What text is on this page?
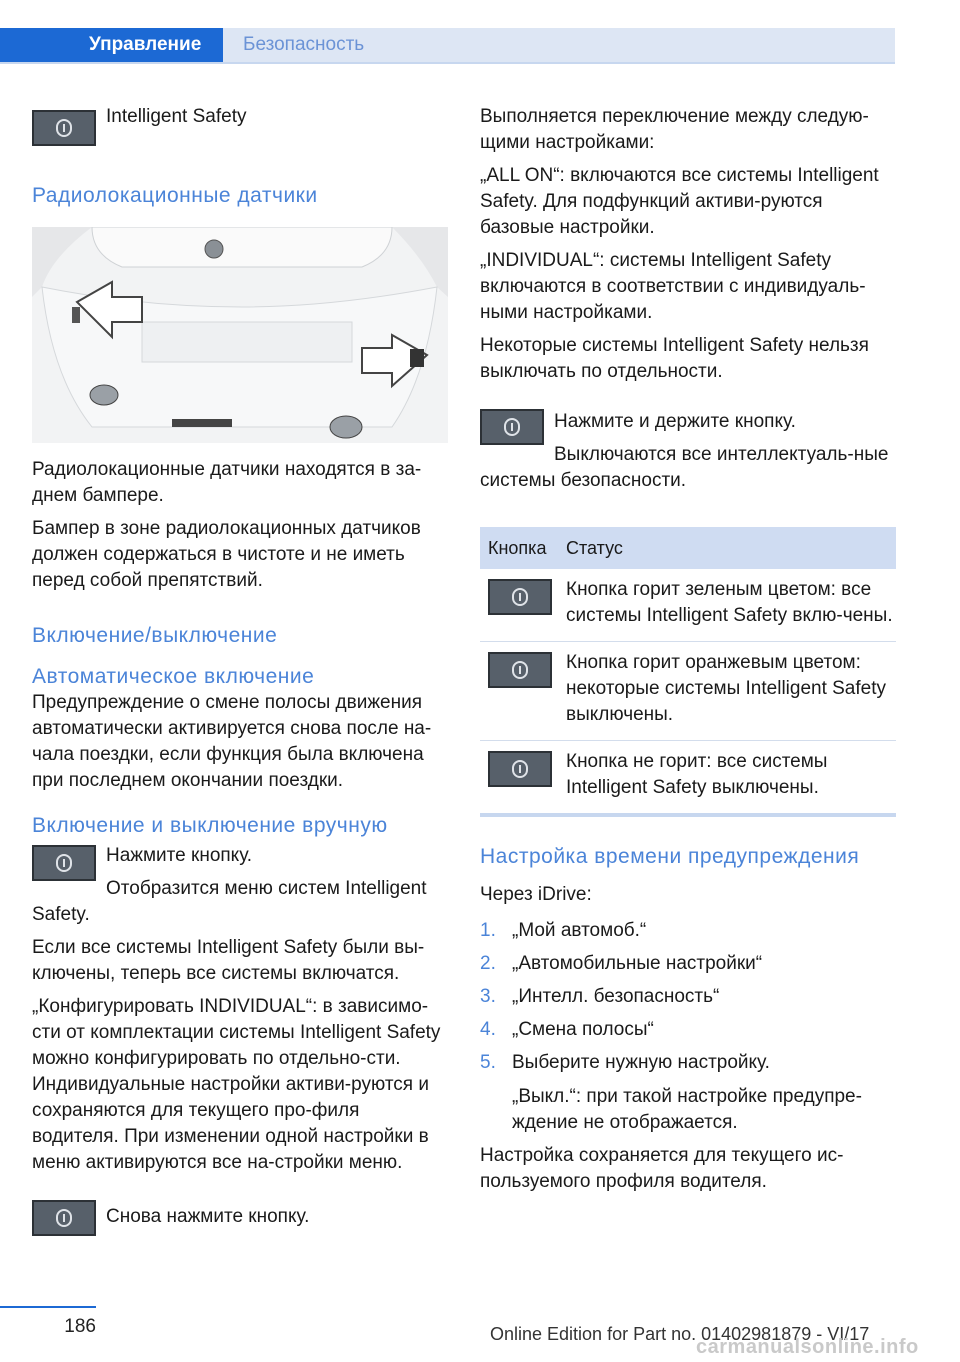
Управление	Безопасность

Intelligent Safety

Радиолокационные датчики

Радиолокационные датчики находятся в за-днем бампере.

Бампер в зоне радиолокационных датчиков должен содержаться в чистоте и не иметь перед собой препятствий.

Включение/выключение
Автоматическое включение

Предупреждение о смене полосы движения автоматически активируется снова после на-чала поездки, если функция была включена при последнем окончании поездки.

Включение и выключение вручную

Нажмите кнопку.

Отобразится меню систем Intelligent Safety.

Если все системы Intelligent Safety были вы-ключены, теперь все системы включатся.

„Конфигурировать INDIVIDUAL“: в зависимо-сти от комплектации системы Intelligent Safety можно конфигурировать по отдельно-сти. Индивидуальные настройки активи-руются и сохраняются для текущего про-филя водителя. При изменении одной настройки в меню активируются все на-стройки меню.

Снова нажмите кнопку.

Выполняется переключение между следую-щими настройками:

„ALL ON“: включаются все системы Intelligent Safety. Для подфункций активи-руются базовые настройки.

„INDIVIDUAL“: системы Intelligent Safety включаются в соответствии с индивидуаль-ными настройками.

Некоторые системы Intelligent Safety нельзя выключать по отдельности.

Нажмите и держите кнопку.

Выключаются все интеллектуаль-ные системы безопасности.

Кнопка	Статус

	Кнопка горит зеленым цветом: все системы Intelligent Safety вклю-чены.

	Кнопка горит оранжевым цветом: некоторые системы Intelligent Safety выключены.

	Кнопка не горит: все системы Intelligent Safety выключены.
Настройка времени предупреждения

Через iDrive:

1. „Мой автомоб.“
2. „Автомобильные настройки“
3. „Интелл. безопасность“
4. „Смена полосы“
5. Выберите нужную настройку.

„Выкл.“: при такой настройке предупре-ждение не отображается.

Настройка сохраняется для текущего ис-пользуемого профиля водителя.

186	Online Edition for Part no. 01402981879 - VI/17
carmanualsonline.info
